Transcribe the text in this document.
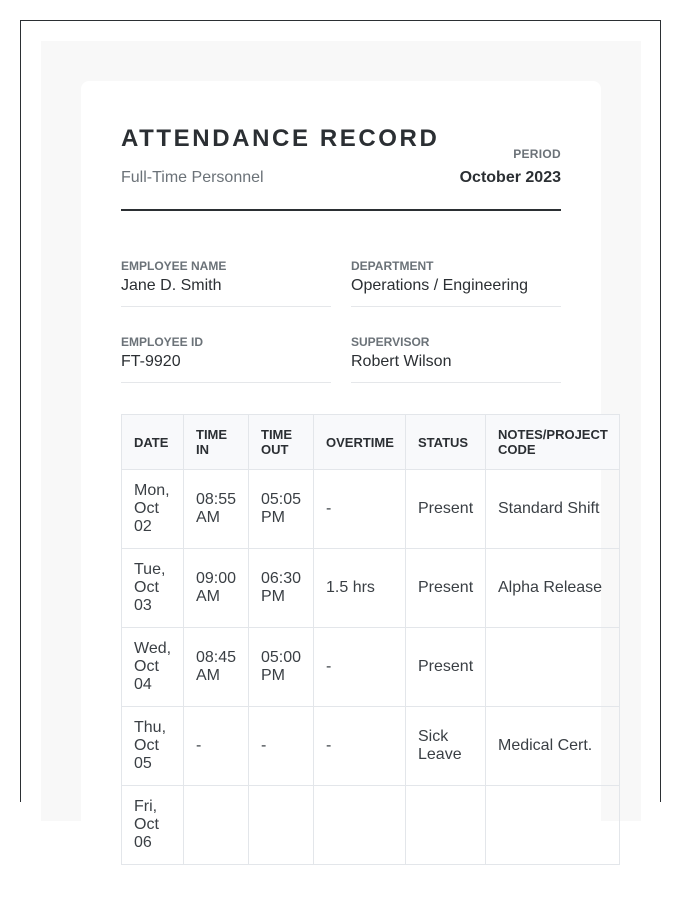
ATTENDANCE RECORD
Full-Time Personnel
PERIOD
October 2023
EMPLOYEE NAME
Jane D. Smith
DEPARTMENT
Operations / Engineering
EMPLOYEE ID
FT-9920
SUPERVISOR
Robert Wilson
DATE	TIME IN	TIME OUT	OVERTIME	STATUS	NOTES/PROJECT CODE
Mon, Oct 02	08:55 AM	05:05 PM	-	Present	Standard Shift
Tue, Oct 03	09:00 AM	06:30 PM	1.5 hrs	Present	Alpha Release
Wed, Oct 04	08:45 AM	05:00 PM	-	Present	
Thu, Oct 05	-	-	-	Sick Leave	Medical Cert.
Fri, Oct 06					
